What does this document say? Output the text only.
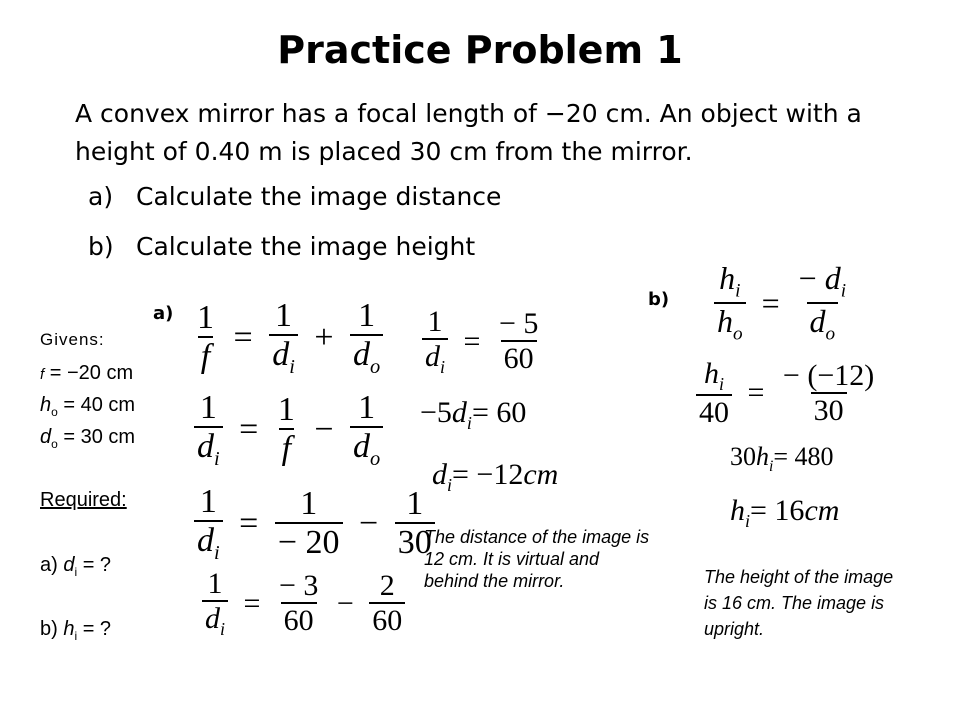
Practice Problem 1
A convex mirror has a focal length of −20 cm. An object with a height of 0.40 m is placed 30 cm from the mirror.
a) Calculate the image distance
b) Calculate the image height
Givens:
f = −20 cm
$h_o = 40$ cm
$d_o = 30$ cm
Required:
a) $d_i$ = ?
b) $h_i$ = ?
$a) \frac{1}{f} = \frac{1}{d_i} + \frac{1}{d_o}$
$\frac{1}{d_i} = \frac{1}{f} - \frac{1}{d_o}$
$\frac{1}{d_i} = \frac{1}{- 20} - \frac{1}{30}$
$\frac{1}{d_i} = \frac{- 3}{60} - \frac{2}{60}$
$\frac{1}{d_i} = \frac{- 5}{60}$
$-5d_i= 60$
$d_i= -12cm$
The distance of the image is 12 cm. It is virtual and behind the mirror.
$b) \frac{h_i}{h_o} = \frac{- d_i}{d_o}$
$\frac{h_i}{40} = \frac{- (-12)}{30}$
$30h_i= 480$
$h_i= 16cm$
The height of the image is 16 cm. The image is upright.
